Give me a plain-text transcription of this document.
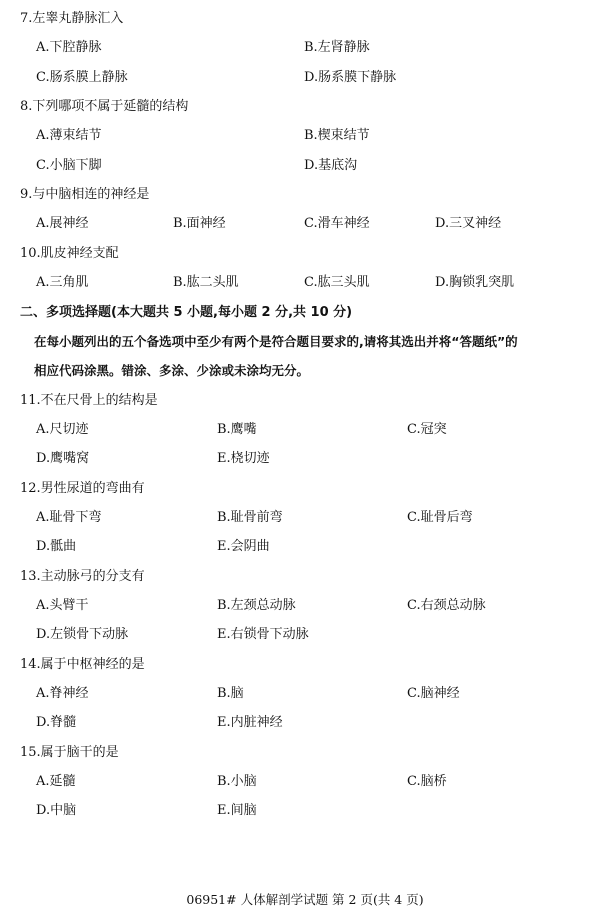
7.左睾丸静脉汇入
A.下腔静脉	B.左肾静脉
C.肠系膜上静脉	D.肠系膜下静脉
8.下列哪项不属于延髓的结构
A.薄束结节	B.楔束结节
C.小脑下脚	D.基底沟
9.与中脑相连的神经是
A.展神经	B.面神经	C.滑车神经	D.三叉神经
10.肌皮神经支配
A.三角肌	B.肱二头肌	C.肱三头肌	D.胸锁乳突肌
二、多项选择题(本大题共 5 小题,每小题 2 分,共 10 分)
在每小题列出的五个备选项中至少有两个是符合题目要求的,请将其选出并将“答题纸”的
相应代码涂黑。错涂、多涂、少涂或未涂均无分。
11.不在尺骨上的结构是
A.尺切迹	B.鹰嘴	C.冠突
D.鹰嘴窝	E.桡切迹
12.男性尿道的弯曲有
A.耻骨下弯	B.耻骨前弯	C.耻骨后弯
D.骶曲	E.会阴曲
13.主动脉弓的分支有
A.头臂干	B.左颈总动脉	C.右颈总动脉
D.左锁骨下动脉	E.右锁骨下动脉
14.属于中枢神经的是
A.脊神经	B.脑	C.脑神经
D.脊髓	E.内脏神经
15.属于脑干的是
A.延髓	B.小脑	C.脑桥
D.中脑	E.间脑
06951# 人体解剖学试题 第 2 页(共 4 页)
